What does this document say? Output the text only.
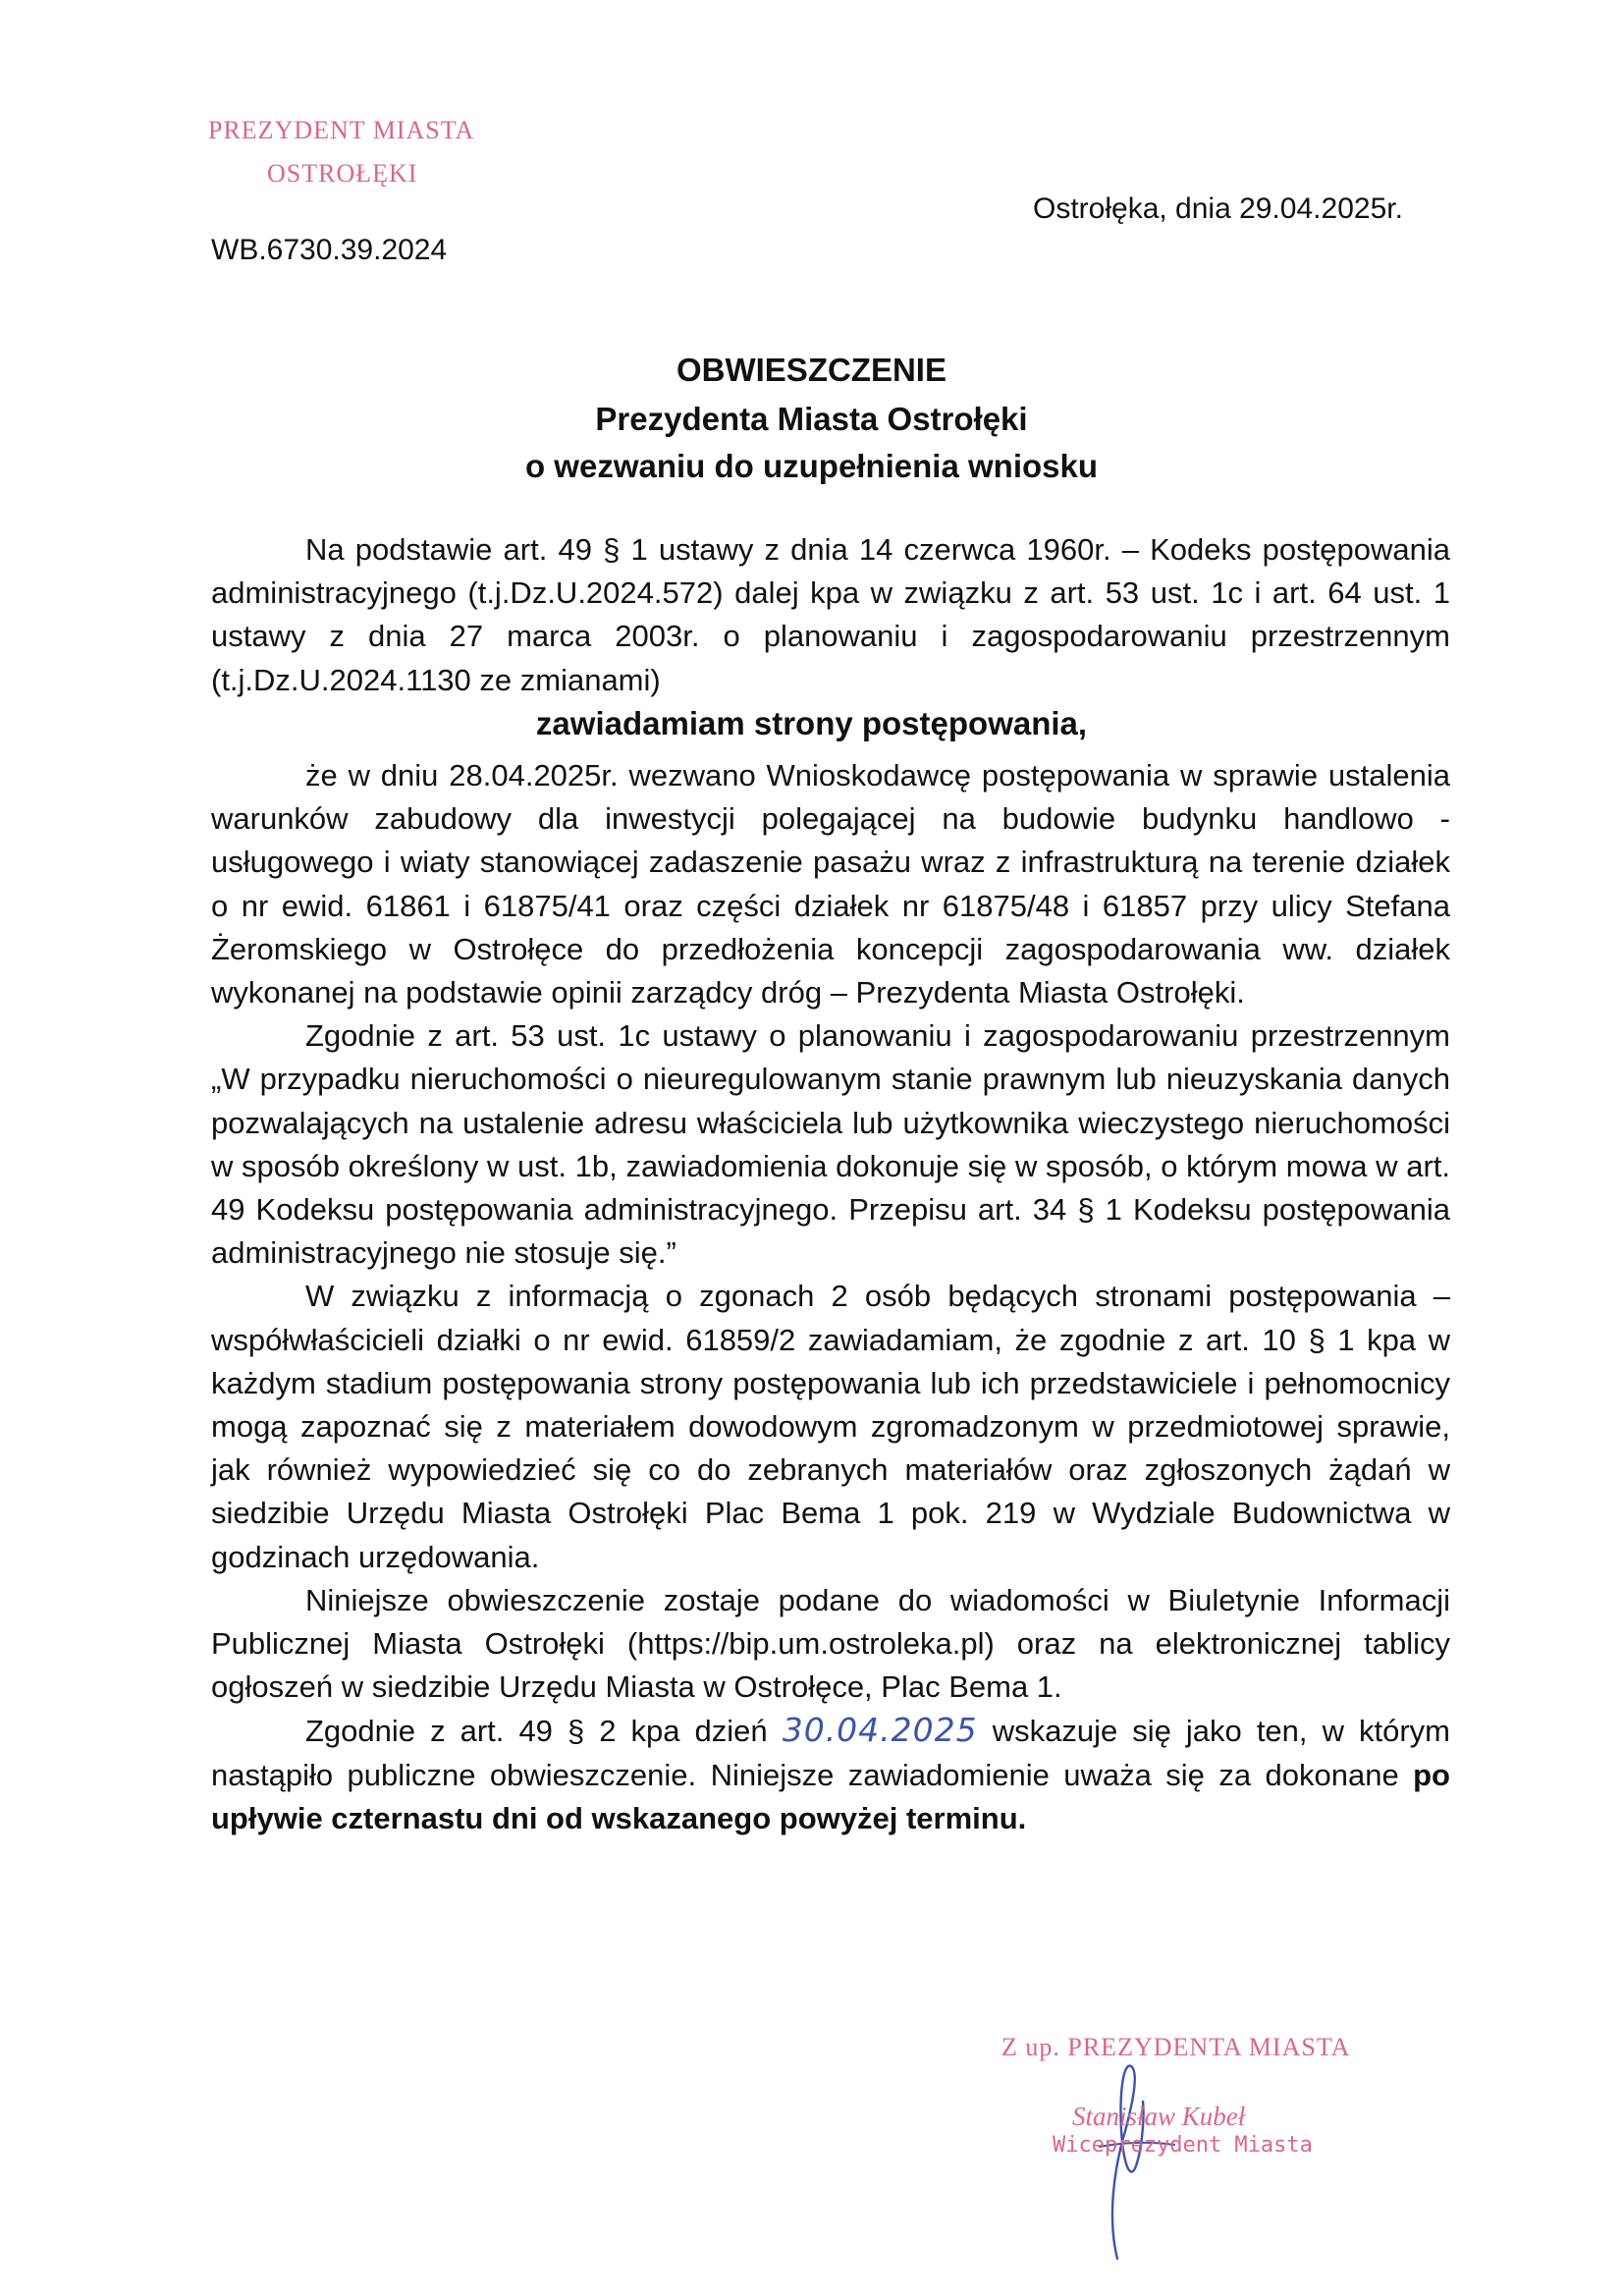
PREZYDENT MIASTA
OSTROŁĘKI
WB.6730.39.2024
Ostrołęka, dnia 29.04.2025r.
OBWIESZCZENIE
Prezydenta Miasta Ostrołęki
o wezwaniu do uzupełnienia wniosku

Na podstawie art. 49 § 1 ustawy z dnia 14 czerwca 1960r. – Kodeks postępowania administracyjnego (t.j.Dz.U.2024.572) dalej kpa w związku z art. 53 ust. 1c i art. 64 ust. 1 ustawy z dnia 27 marca 2003r. o planowaniu i zagospodarowaniu przestrzennym (t.j.Dz.U.2024.1130 ze zmianami)

zawiadamiam strony postępowania,

że w dniu 28.04.2025r. wezwano Wnioskodawcę postępowania w sprawie ustalenia warunków zabudowy dla inwestycji polegającej na budowie budynku handlowo - usługowego i wiaty stanowiącej zadaszenie pasażu wraz z infrastrukturą na terenie działek o nr ewid. 61861 i 61875/41 oraz części działek nr 61875/48 i 61857 przy ulicy Stefana Żeromskiego w Ostrołęce do przedłożenia koncepcji zagospodarowania ww. działek wykonanej na podstawie opinii zarządcy dróg – Prezydenta Miasta Ostrołęki.

Zgodnie z art. 53 ust. 1c ustawy o planowaniu i zagospodarowaniu przestrzennym „W przypadku nieruchomości o nieuregulowanym stanie prawnym lub nieuzyskania danych pozwalających na ustalenie adresu właściciela lub użytkownika wieczystego nieruchomości w sposób określony w ust. 1b, zawiadomienia dokonuje się w sposób, o którym mowa w art. 49 Kodeksu postępowania administracyjnego. Przepisu art. 34 § 1 Kodeksu postępowania administracyjnego nie stosuje się.”

W związku z informacją o zgonach 2 osób będących stronami postępowania – współwłaścicieli działki o nr ewid. 61859/2 zawiadamiam, że zgodnie z art. 10 § 1 kpa w każdym stadium postępowania strony postępowania lub ich przedstawiciele i pełnomocnicy mogą zapoznać się z materiałem dowodowym zgromadzonym w przedmiotowej sprawie, jak również wypowiedzieć się co do zebranych materiałów oraz zgłoszonych żądań w siedzibie Urzędu Miasta Ostrołęki Plac Bema 1 pok. 219 w Wydziale Budownictwa w godzinach urzędowania.

Niniejsze obwieszczenie zostaje podane do wiadomości w Biuletynie Informacji Publicznej Miasta Ostrołęki (https://bip.um.ostroleka.pl) oraz na elektronicznej tablicy ogłoszeń w siedzibie Urzędu Miasta w Ostrołęce, Plac Bema 1.

Zgodnie z art. 49 § 2 kpa dzień 30.04.2025 wskazuje się jako ten, w którym nastąpiło publiczne obwieszczenie. Niniejsze zawiadomienie uważa się za dokonane po upływie czternastu dni od wskazanego powyżej terminu.

Z up. PREZYDENTA MIASTA
Stanisław Kubeł
Wiceprezydent Miasta
